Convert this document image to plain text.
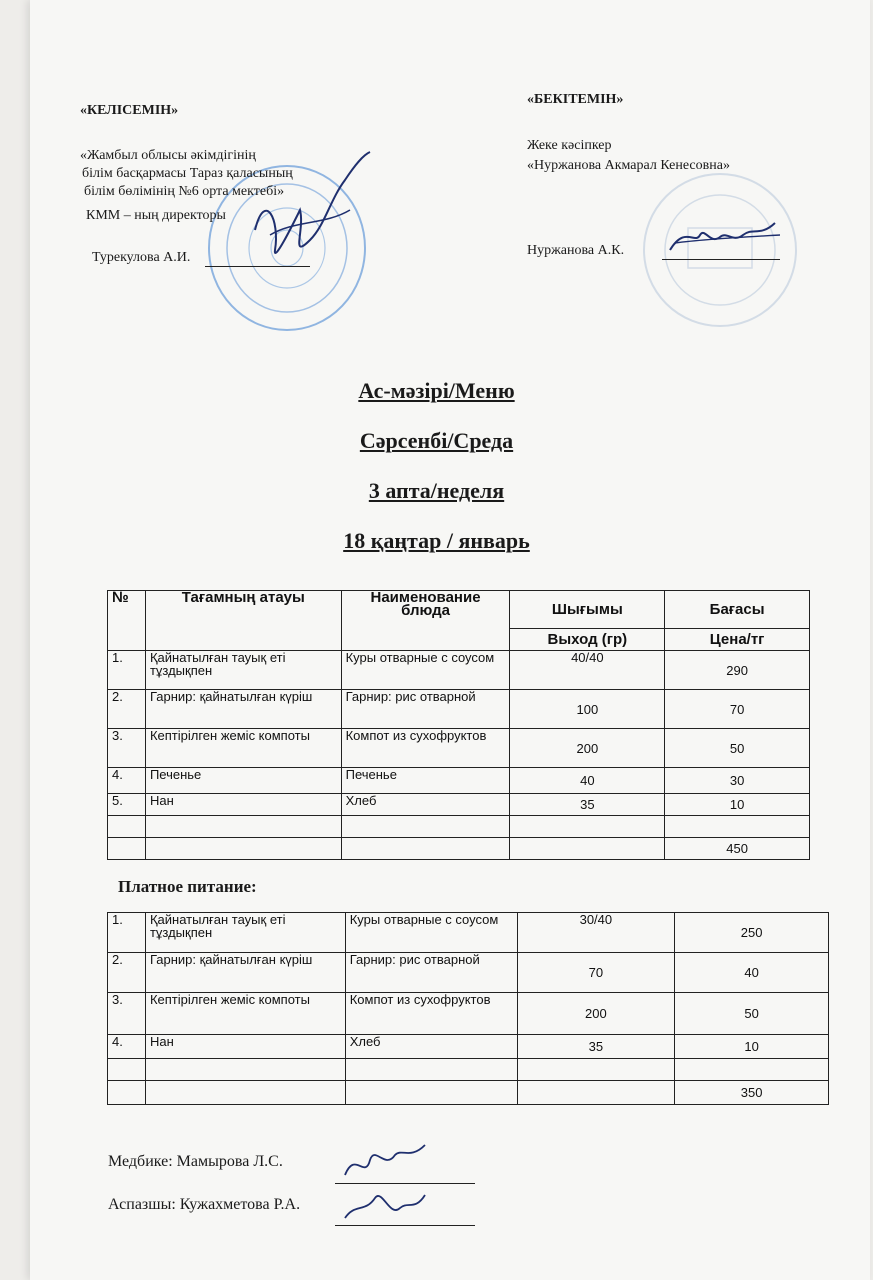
«КЕЛІСЕМІН»
«Жамбыл облысы әкімдігінің
білім басқармасы Тараз қаласының
білім бөлімінің №6 орта мектебі»
КММ – ның директоры
Турекулова А.И.
«БЕКІТЕМІН»
Жеке кәсіпкер
«Нуржанова Акмарал Кенесовна»
Нуржанова А.К.
Ас-мәзірі/Меню
Сәрсенбі/Среда
3 апта/неделя
18 қаңтар / январь
№	Тағамның атауы	Наименование блюда	Шығымы	Бағасы
			Выход (гр)	Цена/тг
1.	Қайнатылған тауық еті тұздықпен	Куры отварные с соусом	40/40	290
2.	Гарнир: қайнатылған күріш	Гарнир: рис отварной	100	70
3.	Кептірілген жеміс компоты	Компот из сухофруктов	200	50
4.	Печенье	Печенье	40	30
5.	Нан	Хлеб	35	10

				450
Платное питание:
1.	Қайнатылған тауық еті тұздықпен	Куры отварные с соусом	30/40	250
2.	Гарнир: қайнатылған күріш	Гарнир: рис отварной	70	40
3.	Кептірілген жеміс компоты	Компот из сухофруктов	200	50
4.	Нан	Хлеб	35	10

				350
Медбике: Мамырова Л.С.
Аспазшы: Кужахметова Р.А.
